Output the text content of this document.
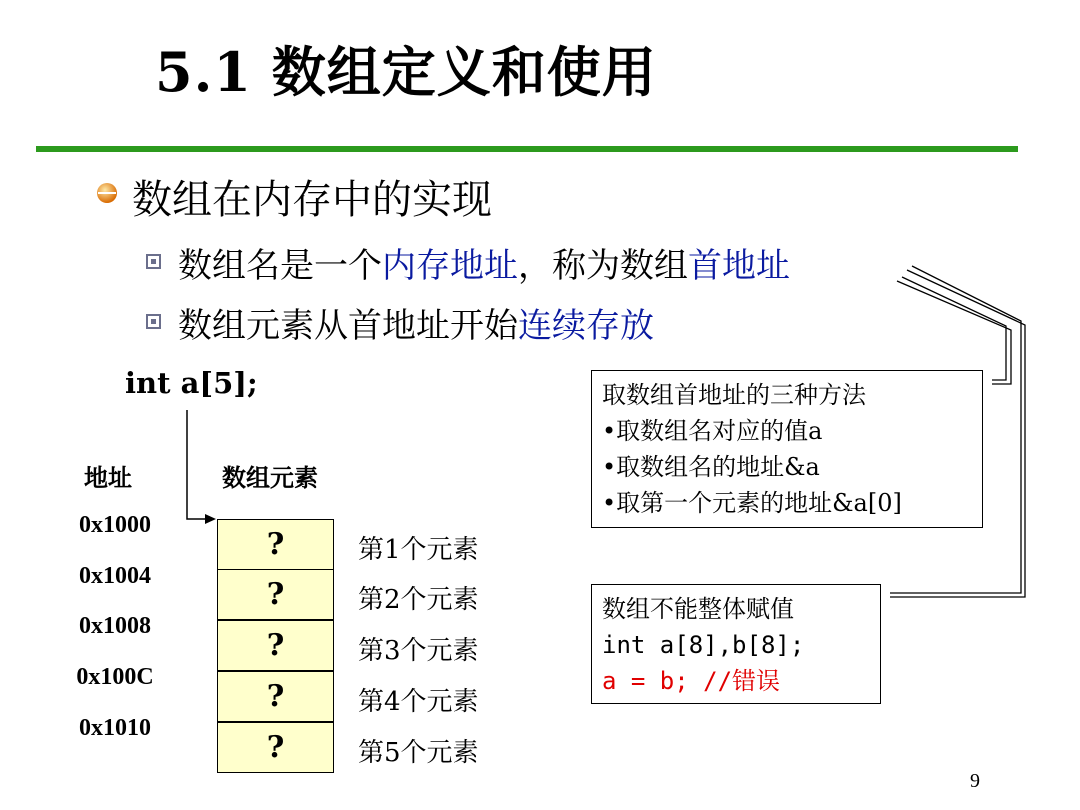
5.1 数组定义和使用
数组在内存中的实现
数组名是一个内存地址，称为数组首地址
数组元素从首地址开始连续存放
int a[5];
地址	数组元素
0x1000
0x1004
0x1008
0x100C
0x1010
?
?
?
?
?
第1个元素
第2个元素
第3个元素
第4个元素
第5个元素
取数组首地址的三种方法
•取数组名对应的值a
•取数组名的地址&a
•取第一个元素的地址&a[0]
数组不能整体赋值
int a[8],b[8];
a = b; //错误
9
